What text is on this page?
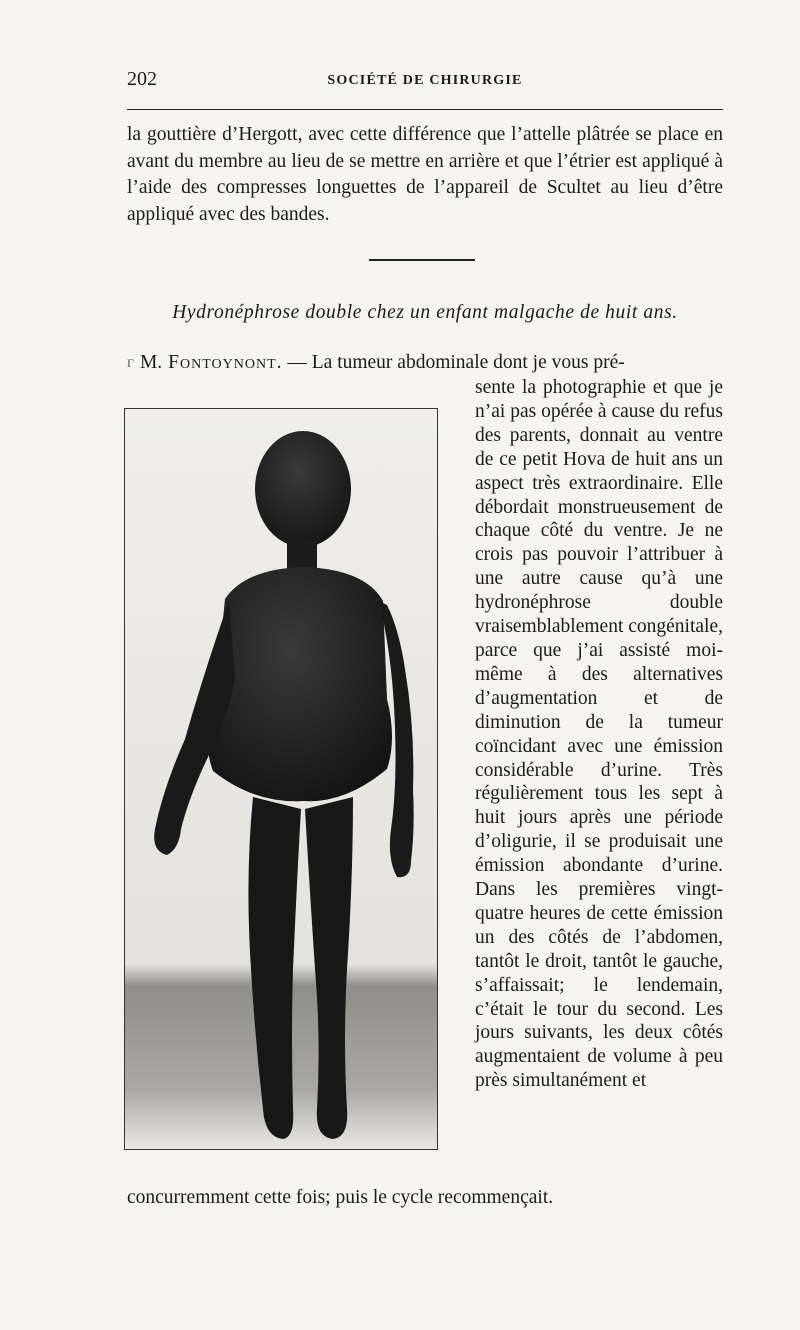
202	SOCIÉTÉ DE CHIRURGIE

la gouttière d’Hergott, avec cette différence que l’attelle plâtrée se place en avant du membre au lieu de se mettre en arrière et que l’étrier est appliqué à l’aide des compresses longuettes de l’appareil de Scultet au lieu d’être appliqué avec des bandes.

Hydronéphrose double chez un enfant malgache de huit ans.

$^\Gamma$ M. Fontoynont. — La tumeur abdominale dont je vous pré-

sente la photographie et que je n’ai pas opérée à cause du refus des parents, donnait au ventre de ce petit Hova de huit ans un aspect très extraordinaire. Elle débordait monstrueusement de chaque côté du ventre. Je ne crois pas pouvoir l’attribuer à une autre cause qu’à une hydronéphrose double vraisemblablement congénitale, parce que j’ai assisté moi-même à des alternatives d’augmentation et de diminution de la tumeur coïncidant avec une émission considérable d’urine. Très régulièrement tous les sept à huit jours après une période d’oligurie, il se produisait une émission abondante d’urine. Dans les premières vingt-quatre heures de cette émission un des côtés de l’abdomen, tantôt le droit, tantôt le gauche, s’affaissait; le lendemain, c’était le tour du second. Les jours suivants, les deux côtés augmentaient de volume à peu près simultanément et

concurremment cette fois; puis le cycle recommençait.
